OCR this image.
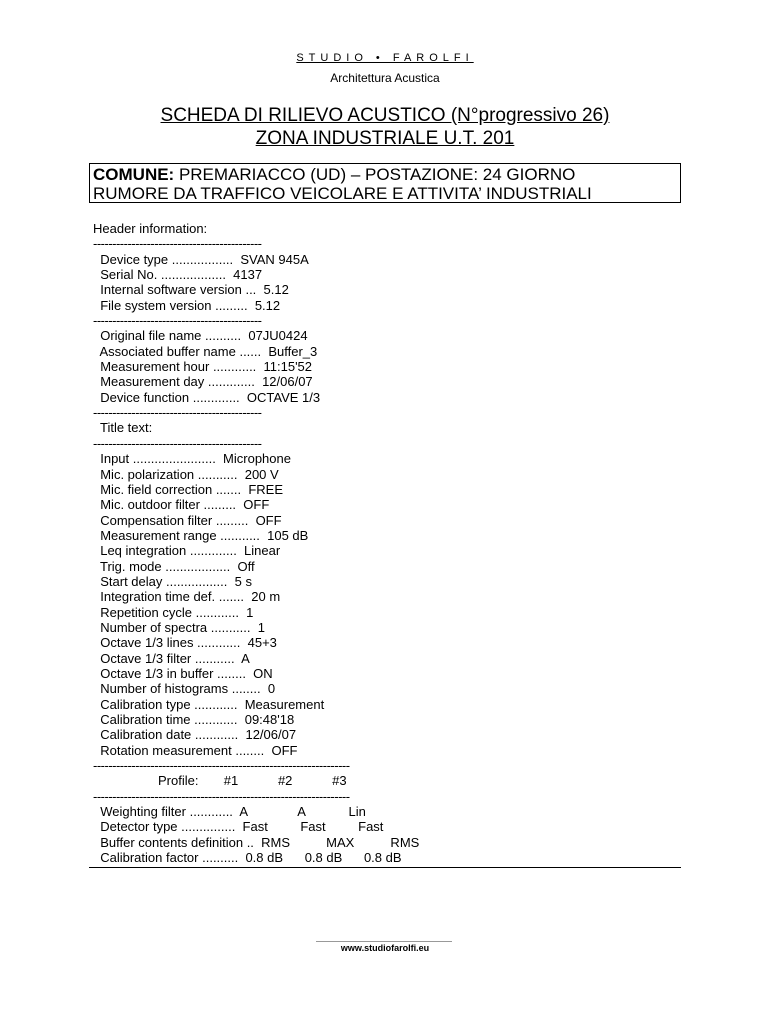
STUDIO • FAROLFI
Architettura Acustica
SCHEDA DI RILIEVO ACUSTICO (N°progressivo 26)
ZONA INDUSTRIALE U.T. 201
COMUNE: PREMARIACCO (UD) – POSTAZIONE: 24 GIORNO
RUMORE DA TRAFFICO VEICOLARE E ATTIVITA’ INDUSTRIALI
Header information:
--------------------------------------------
Device type .................  SVAN 945A
Serial No. ..................  4137
Internal software version ...  5.12
File system version .........  5.12
--------------------------------------------
Original file name ..........  07JU0424
Associated buffer name ......  Buffer_3
Measurement hour ............  11:15'52
Measurement day .............  12/06/07
Device function .............  OCTAVE 1/3
--------------------------------------------
Title text:
--------------------------------------------
Input .......................  Microphone
Mic. polarization ...........  200 V
Mic. field correction .......  FREE
Mic. outdoor filter .........  OFF
Compensation filter .........  OFF
Measurement range ...........  105 dB
Leq integration .............  Linear
Trig. mode ..................  Off
Start delay .................  5 s
Integration time def. .......  20 m
Repetition cycle ............  1
Number of spectra ...........  1
Octave 1/3 lines ............  45+3
Octave 1/3 filter ...........  A
Octave 1/3 in buffer ........  ON
Number of histograms ........  0
Calibration type ............  Measurement
Calibration time ............  09:48'18
Calibration date ............  12/06/07
Rotation measurement ........  OFF
-------------------------------------------------------------------
Profile:       #1           #2           #3
-------------------------------------------------------------------
Weighting filter ............  A              A            Lin
Detector type ...............  Fast         Fast         Fast
Buffer contents definition ..  RMS          MAX          RMS
Calibration factor ..........  0.8 dB      0.8 dB      0.8 dB
www.studiofarolfi.eu
